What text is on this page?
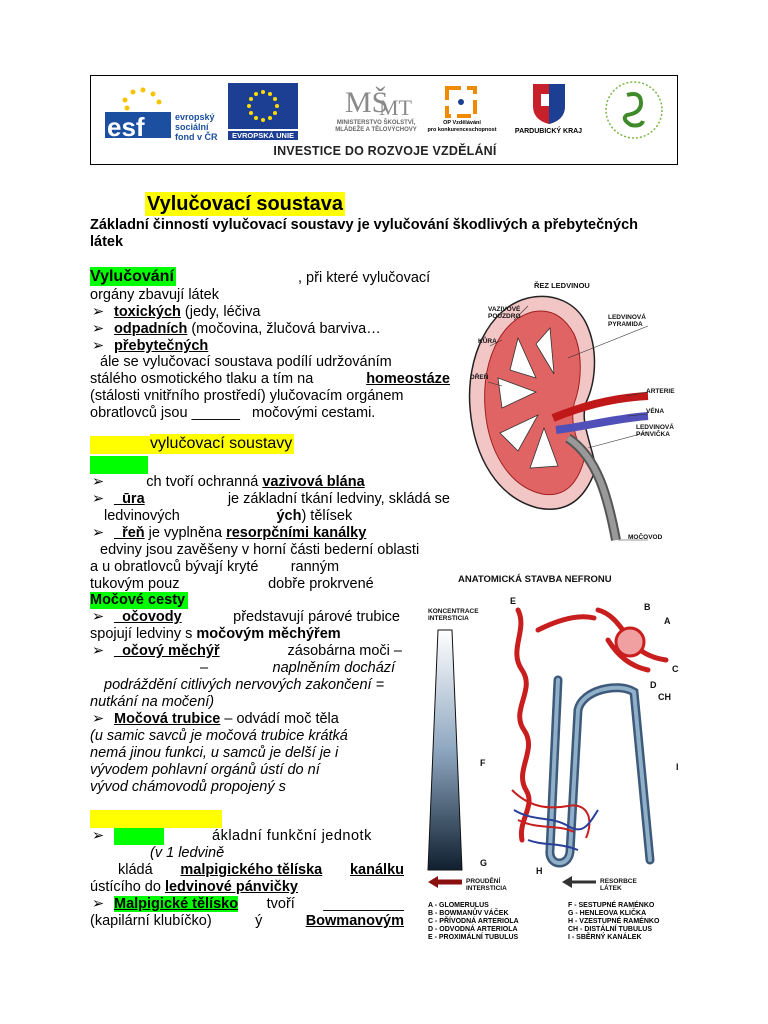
esf	evropský
sociální
fond v ČR	EVROPSKÁ UNIE
MŠ
MT
MINISTERSTVO ŠKOLSTVÍ,
MLÁDEŽE A TĚLOVÝCHOVY
OP Vzdělávání
pro konkurenceschopnost	PARDUBICKÝ KRAJ
INVESTICE DO ROZVOJE VZDĚLÁNÍ
Vylučovací soustava
Základní činností vylučovací soustavy je vylučování škodlivých a přebytečných
látek
Vylučování	, při které vylučovací
orgány zbavují látek
➢ toxických (jedy, léčiva
➢ odpadních (močovina, žlučová barviva…
➢ přebytečných
ále se vylučovací soustava podílí udržováním
stálého osmotického tlaku a tím na	homeostáze
(stálosti vnitřního prostředí) ylučovacím orgánem
obratlovců jsou ______ močovými cestami.
vylučovací soustavy
➢	ch tvoří ochranná vazivová blána
➢ _ūra	je základní tkání ledviny, skládá se
ledvinových	ých) tělísek
➢ _řeň je vyplněna resorpčními kanálky
edviny jsou zavěšeny v horní části bederní oblasti
a u obratlovců bývají kryté ranným
tukovým pouz	dobře prokrvené
Močové cesty
➢ _očovody	představují párové trubice
spojují ledviny s močovým měchýřem
➢ _očový měchýř	zásobárna moči –
–	naplněním dochází
podráždění citlivých nervových zakončení =
nutkání na močení)
➢ Močová trubice – odvádí moč těla
(u samic savců je močová trubice krátká
nemá jinou funkci, u samců je delší je i
vývodem pohlavní orgánů ústí do ní
vývod chámovodů propojený s
➢	ákladní funkční jednotk
(v 1 ledvině
kládá malpigického tělíska kanálku
ústícího do ledvinové pánvičky
➢ Malpigické tělísko tvoří __________
(kapilární klubíčko)	ý	Bowmanovým
ŘEZ LEDVINOU
VAZIVOVÉ POUZDRO
KŮRA
DŘEŇ
LEDVINOVÁ PYRAMIDA
ARTERIE
VÉNA
LEDVINOVÁ PÁNVIČKA
MOČOVOD
ANATOMICKÁ STAVBA NEFRONU
KONCENTRACE
INTERSTICIA
E
B
A
C
D
CH
F	I
G
H
PROUDĚNÍ
INTERSTICIA
RESORBCE
LÁTEK
A - GLOMERULUS
B - BOWMANŮV VÁČEK
C - PŘÍVODNÁ ARTERIOLA
D - ODVODNÁ ARTERIOLA
E - PROXIMÁLNÍ TUBULUS
F - SESTUPNÉ RAMÉNKO
G - HENLEOVA KLIČKA
H - VZESTUPNÉ RAMÉNKO
CH - DISTÁLNÍ TUBULUS
I - SBĚRNÝ KANÁLEK
